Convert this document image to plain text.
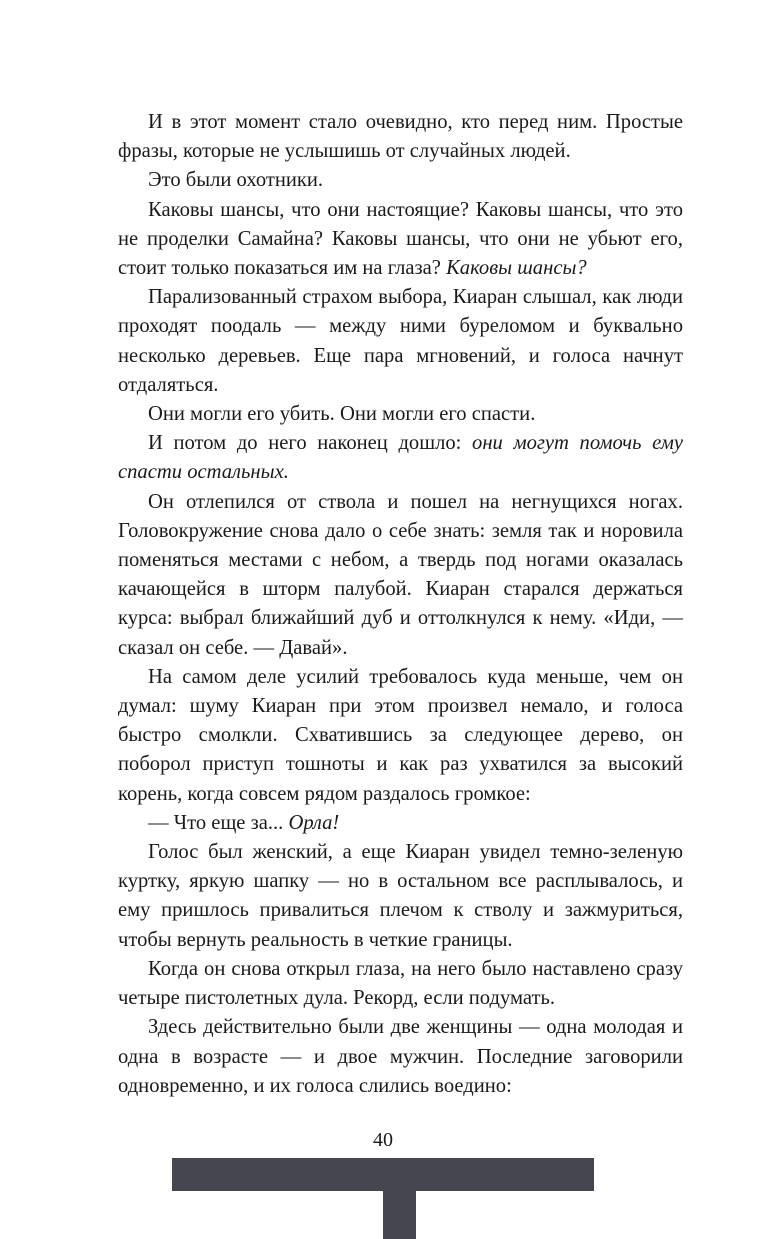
И в этот момент стало очевидно, кто перед ним. Простые фразы, которые не услышишь от случайных людей.

Это были охотники.

Каковы шансы, что они настоящие? Каковы шансы, что это не проделки Самайна? Каковы шансы, что они не убьют его, стоит только показаться им на глаза? Каковы шансы?

Парализованный страхом выбора, Киаран слышал, как люди проходят поодаль — между ними буреломом и буквально несколько деревьев. Еще пара мгновений, и голоса начнут отдаляться.

Они могли его убить. Они могли его спасти.

И потом до него наконец дошло: они могут помочь ему спасти остальных.

Он отлепился от ствола и пошел на негнущихся ногах. Головокружение снова дало о себе знать: земля так и норовила поменяться местами с небом, а твердь под ногами оказалась качающейся в шторм палубой. Киаран старался держаться курса: выбрал ближайший дуб и оттолкнулся к нему. «Иди, — сказал он себе. — Давай».

На самом деле усилий требовалось куда меньше, чем он думал: шуму Киаран при этом произвел немало, и голоса быстро смолкли. Схватившись за следующее дерево, он поборол приступ тошноты и как раз ухватился за высокий корень, когда совсем рядом раздалось громкое:

— Что еще за... Орла!

Голос был женский, а еще Киаран увидел темно-зеленую куртку, яркую шапку — но в остальном все расплывалось, и ему пришлось привалиться плечом к стволу и зажмуриться, чтобы вернуть реальность в четкие границы.

Когда он снова открыл глаза, на него было наставлено сразу четыре пистолетных дула. Рекорд, если подумать.

Здесь действительно были две женщины — одна молодая и одна в возрасте — и двое мужчин. Последние заговорили одновременно, и их голоса слились воедино:

40
